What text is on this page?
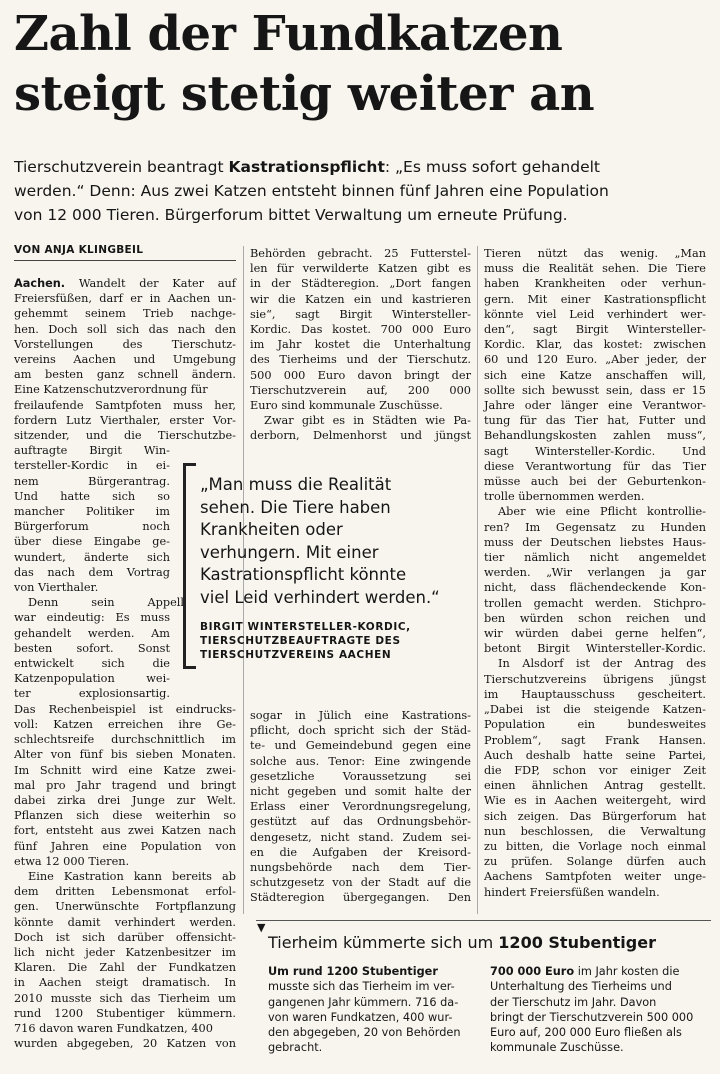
Zahl der Fundkatzen
steigt stetig weiter an
Tierschutzverein beantragt Kastrationspflicht: „Es muss sofort gehandelt
werden.“ Denn: Aus zwei Katzen entsteht binnen fünf Jahren eine Population
von 12 000 Tieren. Bürgerforum bittet Verwaltung um erneute Prüfung.
VON ANJA KLINGBEIL
Aachen. Wandelt der Kater auf
Freiersfüßen, darf er in Aachen un-
gehemmt seinem Trieb nachge-
hen. Doch soll sich das nach den
Vorstellungen des Tierschutz-
vereins Aachen und Umgebung
am besten ganz schnell ändern.
Eine Katzenschutzverordnung für
freilaufende Samtpfoten muss her,
fordern Lutz Vierthaler, erster Vor-
sitzender, und die Tierschutzbe-
auftragte Birgit Win-
tersteller-Kordic in ei-
nem Bürgerantrag.
Und hatte sich so
mancher Politiker im
Bürgerforum noch
über diese Eingabe ge-
wundert, änderte sich
das nach dem Vortrag
von Vierthaler.
Denn sein Appell
war eindeutig: Es muss
gehandelt werden. Am
besten sofort. Sonst
entwickelt sich die
Katzenpopulation wei-
ter explosionsartig.
Das Rechenbeispiel ist eindrucks-
voll: Katzen erreichen ihre Ge-
schlechtsreife durchschnittlich im
Alter von fünf bis sieben Monaten.
Im Schnitt wird eine Katze zwei-
mal pro Jahr tragend und bringt
dabei zirka drei Junge zur Welt.
Pflanzen sich diese weiterhin so
fort, entsteht aus zwei Katzen nach
fünf Jahren eine Population von
etwa 12 000 Tieren.
Eine Kastration kann bereits ab
dem dritten Lebensmonat erfol-
gen. Unerwünschte Fortpflanzung
könnte damit verhindert werden.
Doch ist sich darüber offensicht-
lich nicht jeder Katzenbesitzer im
Klaren. Die Zahl der Fundkatzen
in Aachen steigt dramatisch. In
2010 musste sich das Tierheim um
rund 1200 Stubentiger kümmern.
716 davon waren Fundkatzen, 400
wurden abgegeben, 20 Katzen von
Behörden gebracht. 25 Futterstel-
len für verwilderte Katzen gibt es
in der Städteregion. „Dort fangen
wir die Katzen ein und kastrieren
sie“, sagt Birgit Wintersteller-
Kordic. Das kostet. 700 000 Euro
im Jahr kostet die Unterhaltung
des Tierheims und der Tierschutz.
500 000 Euro davon bringt der
Tierschutzverein auf, 200 000
Euro sind kommunale Zuschüsse.
Zwar gibt es in Städten wie Pa-
derborn, Delmenhorst und jüngst
sogar in Jülich eine Kastrations-
pflicht, doch spricht sich der Städ-
te- und Gemeindebund gegen eine
solche aus. Tenor: Eine zwingende
gesetzliche Voraussetzung sei
nicht gegeben und somit halte der
Erlass einer Verordnungsregelung,
gestützt auf das Ordnungsbehör-
dengesetz, nicht stand. Zudem sei-
en die Aufgaben der Kreisord-
nungsbehörde nach dem Tier-
schutzgesetz von der Stadt auf die
Städteregion übergegangen. Den
„Man muss die Realität
sehen. Die Tiere haben
Krankheiten oder
verhungern. Mit einer
Kastrationspflicht könnte
viel Leid verhindert werden.“
BIRGIT WINTERSTELLER-KORDIC,
TIERSCHUTZBEAUFTRAGTE DES
TIERSCHUTZVEREINS AACHEN
Tieren nützt das wenig. „Man
muss die Realität sehen. Die Tiere
haben Krankheiten oder verhun-
gern. Mit einer Kastrationspflicht
könnte viel Leid verhindert wer-
den“, sagt Birgit Wintersteller-
Kordic. Klar, das kostet: zwischen
60 und 120 Euro. „Aber jeder, der
sich eine Katze anschaffen will,
sollte sich bewusst sein, dass er 15
Jahre oder länger eine Verantwor-
tung für das Tier hat, Futter und
Behandlungskosten zahlen muss“,
sagt Wintersteller-Kordic. Und
diese Verantwortung für das Tier
müsse auch bei der Geburtenkon-
trolle übernommen werden.
Aber wie eine Pflicht kontrollie-
ren? Im Gegensatz zu Hunden
muss der Deutschen liebstes Haus-
tier nämlich nicht angemeldet
werden. „Wir verlangen ja gar
nicht, dass flächendeckende Kon-
trollen gemacht werden. Stichpro-
ben würden schon reichen und
wir würden dabei gerne helfen“,
betont Birgit Wintersteller-Kordic.
In Alsdorf ist der Antrag des
Tierschutzvereins übrigens jüngst
im Hauptausschuss gescheitert.
„Dabei ist die steigende Katzen-
Population ein bundesweites
Problem“, sagt Frank Hansen.
Auch deshalb hatte seine Partei,
die FDP, schon vor einiger Zeit
einen ähnlichen Antrag gestellt.
Wie es in Aachen weitergeht, wird
sich zeigen. Das Bürgerforum hat
nun beschlossen, die Verwaltung
zu bitten, die Vorlage noch einmal
zu prüfen. Solange dürfen auch
Aachens Samtpfoten weiter unge-
hindert Freiersfüßen wandeln.
▼
Tierheim kümmerte sich um 1200 Stubentiger
Um rund 1200 Stubentiger
musste sich das Tierheim im ver-
gangenen Jahr kümmern. 716 da-
von waren Fundkatzen, 400 wur-
den abgegeben, 20 von Behörden
gebracht.
700 000 Euro im Jahr kosten die
Unterhaltung des Tierheims und
der Tierschutz im Jahr. Davon
bringt der Tierschutzverein 500 000
Euro auf, 200 000 Euro fließen als
kommunale Zuschüsse.
